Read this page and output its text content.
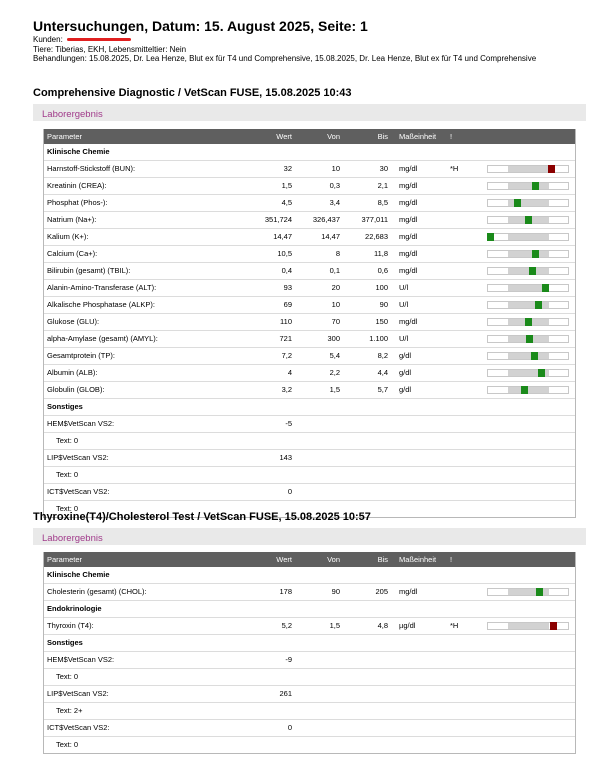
Untersuchungen, Datum: 15. August 2025, Seite: 1
Kunden:
Tiere: Tiberias, EKH, Lebensmitteltier: Nein
Behandlungen: 15.08.2025, Dr. Lea Henze, Blut ex für T4 und Comprehensive, 15.08.2025, Dr. Lea Henze, Blut ex für T4 und Comprehensive
Comprehensive Diagnostic / VetScan FUSE, 15.08.2025 10:43
Laborergebnis
Parameter	Wert	Von	Bis Maßeinheit !
Klinische Chemie
Harnstoff-Stickstoff (BUN):	32	10	30 mg/dl	*H
Kreatinin (CREA):	1,5	0,3	2,1 mg/dl
Phosphat (Phos-):	4,5	3,4	8,5 mg/dl
Natrium (Na+):	351,724	326,437	377,011 mg/dl
Kalium (K+):	14,47	14,47	22,683 mg/dl
Calcium (Ca+):	10,5	8	11,8 mg/dl
Bilirubin (gesamt) (TBIL):	0,4	0,1	0,6 mg/dl
Alanin-Amino-Transferase (ALT):	93	20	100 U/l
Alkalische Phosphatase (ALKP):	69	10	90 U/l
Glukose (GLU):	110	70	150 mg/dl
alpha-Amylase (gesamt) (AMYL):	721	300	1.100 U/l
Gesamtprotein (TP):	7,2	5,4	8,2 g/dl
Albumin (ALB):	4	2,2	4,4 g/dl
Globulin (GLOB):	3,2	1,5	5,7 g/dl
Sonstiges
HEM$VetScan VS2:	-5
Text: 0
LIP$VetScan VS2:	143
Text: 0
ICT$VetScan VS2:	0
Text: 0
Thyroxine(T4)/Cholesterol Test / VetScan FUSE, 15.08.2025 10:57
Laborergebnis
Parameter	Wert	Von	Bis Maßeinheit !
Klinische Chemie
Cholesterin (gesamt) (CHOL):	178	90	205 mg/dl
Endokrinologie
Thyroxin (T4):	5,2	1,5	4,8 µg/dl	*H
Sonstiges
HEM$VetScan VS2:	-9
Text: 0
LIP$VetScan VS2:	261
Text: 2+
ICT$VetScan VS2:	0
Text: 0
